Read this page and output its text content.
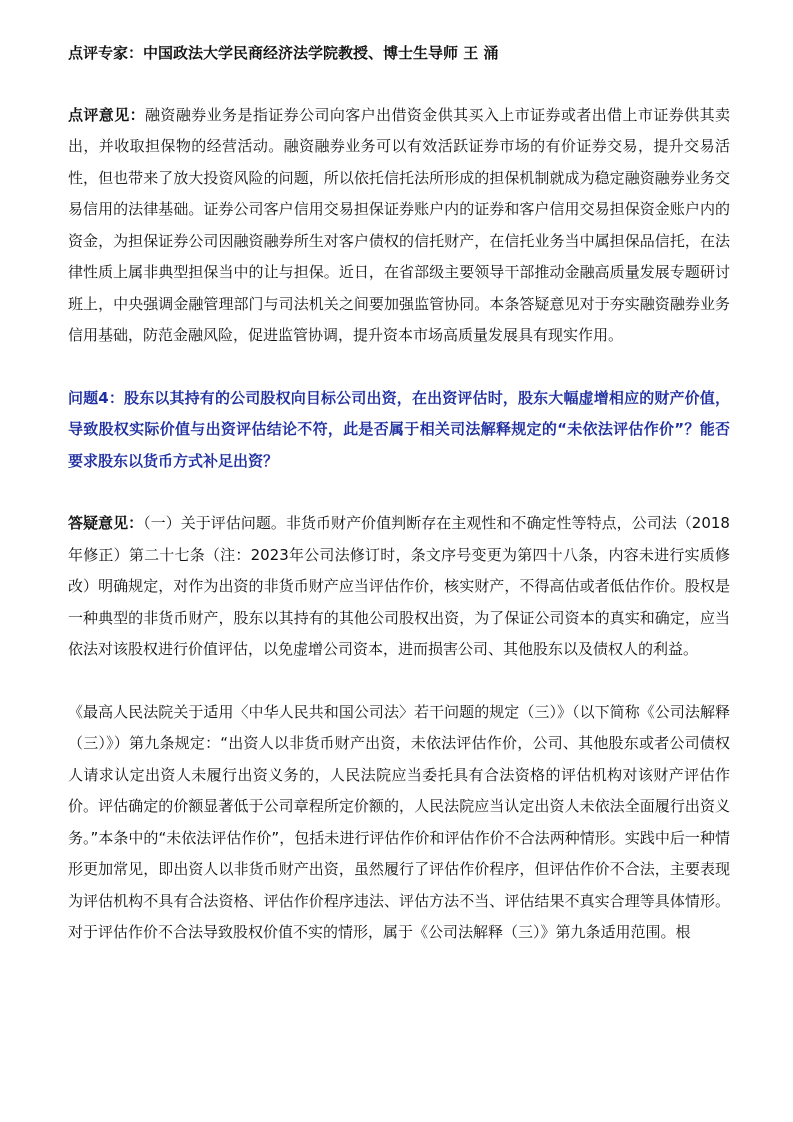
点评专家：中国政法大学民商经济法学院教授、博士生导师 王 涌

点评意见：融资融券业务是指证券公司向客户出借资金供其买入上市证券或者出借上市证券供其卖出，并收取担保物的经营活动。融资融券业务可以有效活跃证券市场的有价证券交易，提升交易活性，但也带来了放大投资风险的问题，所以依托信托法所形成的担保机制就成为稳定融资融券业务交易信用的法律基础。证券公司客户信用交易担保证券账户内的证券和客户信用交易担保资金账户内的资金，为担保证券公司因融资融券所生对客户债权的信托财产，在信托业务当中属担保品信托，在法律性质上属非典型担保当中的让与担保。近日，在省部级主要领导干部推动金融高质量发展专题研讨班上，中央强调金融管理部门与司法机关之间要加强监管协同。本条答疑意见对于夯实融资融券业务信用基础，防范金融风险，促进监管协调，提升资本市场高质量发展具有现实作用。

问题4：股东以其持有的公司股权向目标公司出资，在出资评估时，股东大幅虚增相应的财产价值，导致股权实际价值与出资评估结论不符，此是否属于相关司法解释规定的“未依法评估作价”？能否要求股东以货币方式补足出资？

答疑意见：（一）关于评估问题。非货币财产价值判断存在主观性和不确定性等特点，公司法（2018年修正）第二十七条（注：2023年公司法修订时，条文序号变更为第四十八条，内容未进行实质修改）明确规定，对作为出资的非货币财产应当评估作价，核实财产，不得高估或者低估作价。股权是一种典型的非货币财产，股东以其持有的其他公司股权出资，为了保证公司资本的真实和确定，应当依法对该股权进行价值评估，以免虚增公司资本，进而损害公司、其他股东以及债权人的利益。

《最高人民法院关于适用〈中华人民共和国公司法〉若干问题的规定（三）》（以下简称《公司法解释（三）》）第九条规定：“出资人以非货币财产出资，未依法评估作价，公司、其他股东或者公司债权人请求认定出资人未履行出资义务的，人民法院应当委托具有合法资格的评估机构对该财产评估作价。评估确定的价额显著低于公司章程所定价额的，人民法院应当认定出资人未依法全面履行出资义务。”本条中的“未依法评估作价”，包括未进行评估作价和评估作价不合法两种情形。实践中后一种情形更加常见，即出资人以非货币财产出资，虽然履行了评估作价程序，但评估作价不合法，主要表现为评估机构不具有合法资格、评估作价程序违法、评估方法不当、评估结果不真实合理等具体情形。对于评估作价不合法导致股权价值不实的情形，属于《公司法解释（三）》第九条适用范围。根
